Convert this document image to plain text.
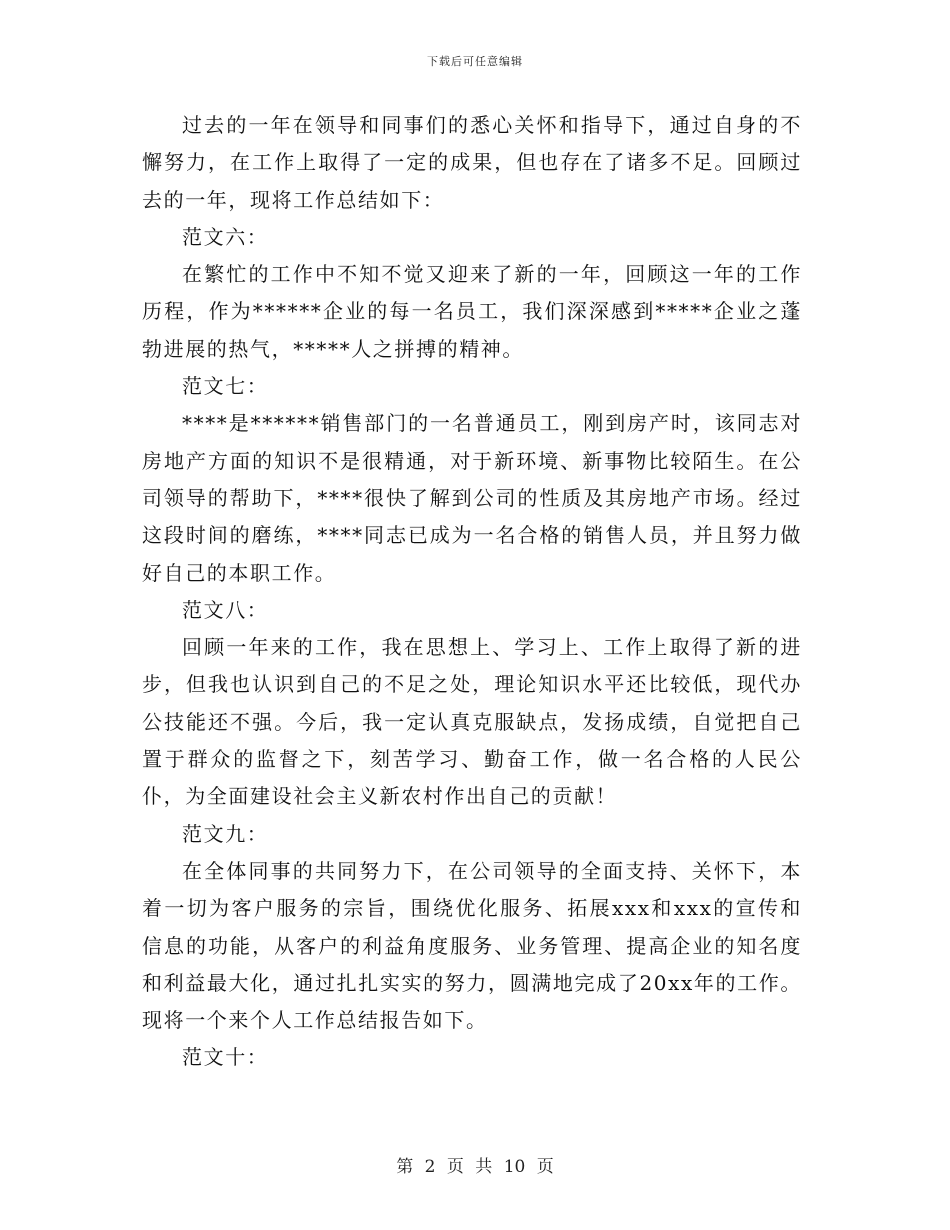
下载后可任意编辑

过去的一年在领导和同事们的悉心关怀和指导下，通过自身的不懈努力，在工作上取得了一定的成果，但也存在了诸多不足。回顾过去的一年，现将工作总结如下：

范文六：

在繁忙的工作中不知不觉又迎来了新的一年，回顾这一年的工作历程，作为******企业的每一名员工，我们深深感到*****企业之蓬勃进展的热气，*****人之拼搏的精神。

范文七：

****是******销售部门的一名普通员工，刚到房产时，该同志对房地产方面的知识不是很精通，对于新环境、新事物比较陌生。在公司领导的帮助下，****很快了解到公司的性质及其房地产市场。经过这段时间的磨练，****同志已成为一名合格的销售人员，并且努力做好自己的本职工作。

范文八：

回顾一年来的工作，我在思想上、学习上、工作上取得了新的进步，但我也认识到自己的不足之处，理论知识水平还比较低，现代办公技能还不强。今后，我一定认真克服缺点，发扬成绩，自觉把自己置于群众的监督之下，刻苦学习、勤奋工作，做一名合格的人民公仆，为全面建设社会主义新农村作出自己的贡献！

范文九：

在全体同事的共同努力下，在公司领导的全面支持、关怀下，本着一切为客户服务的宗旨，围绕优化服务、拓展xxx和xxx的宣传和信息的功能，从客户的利益角度服务、业务管理、提高企业的知名度和利益最大化，通过扎扎实实的努力，圆满地完成了20xx年的工作。现将一个来个人工作总结报告如下。

范文十：

第 2 页 共 10 页
